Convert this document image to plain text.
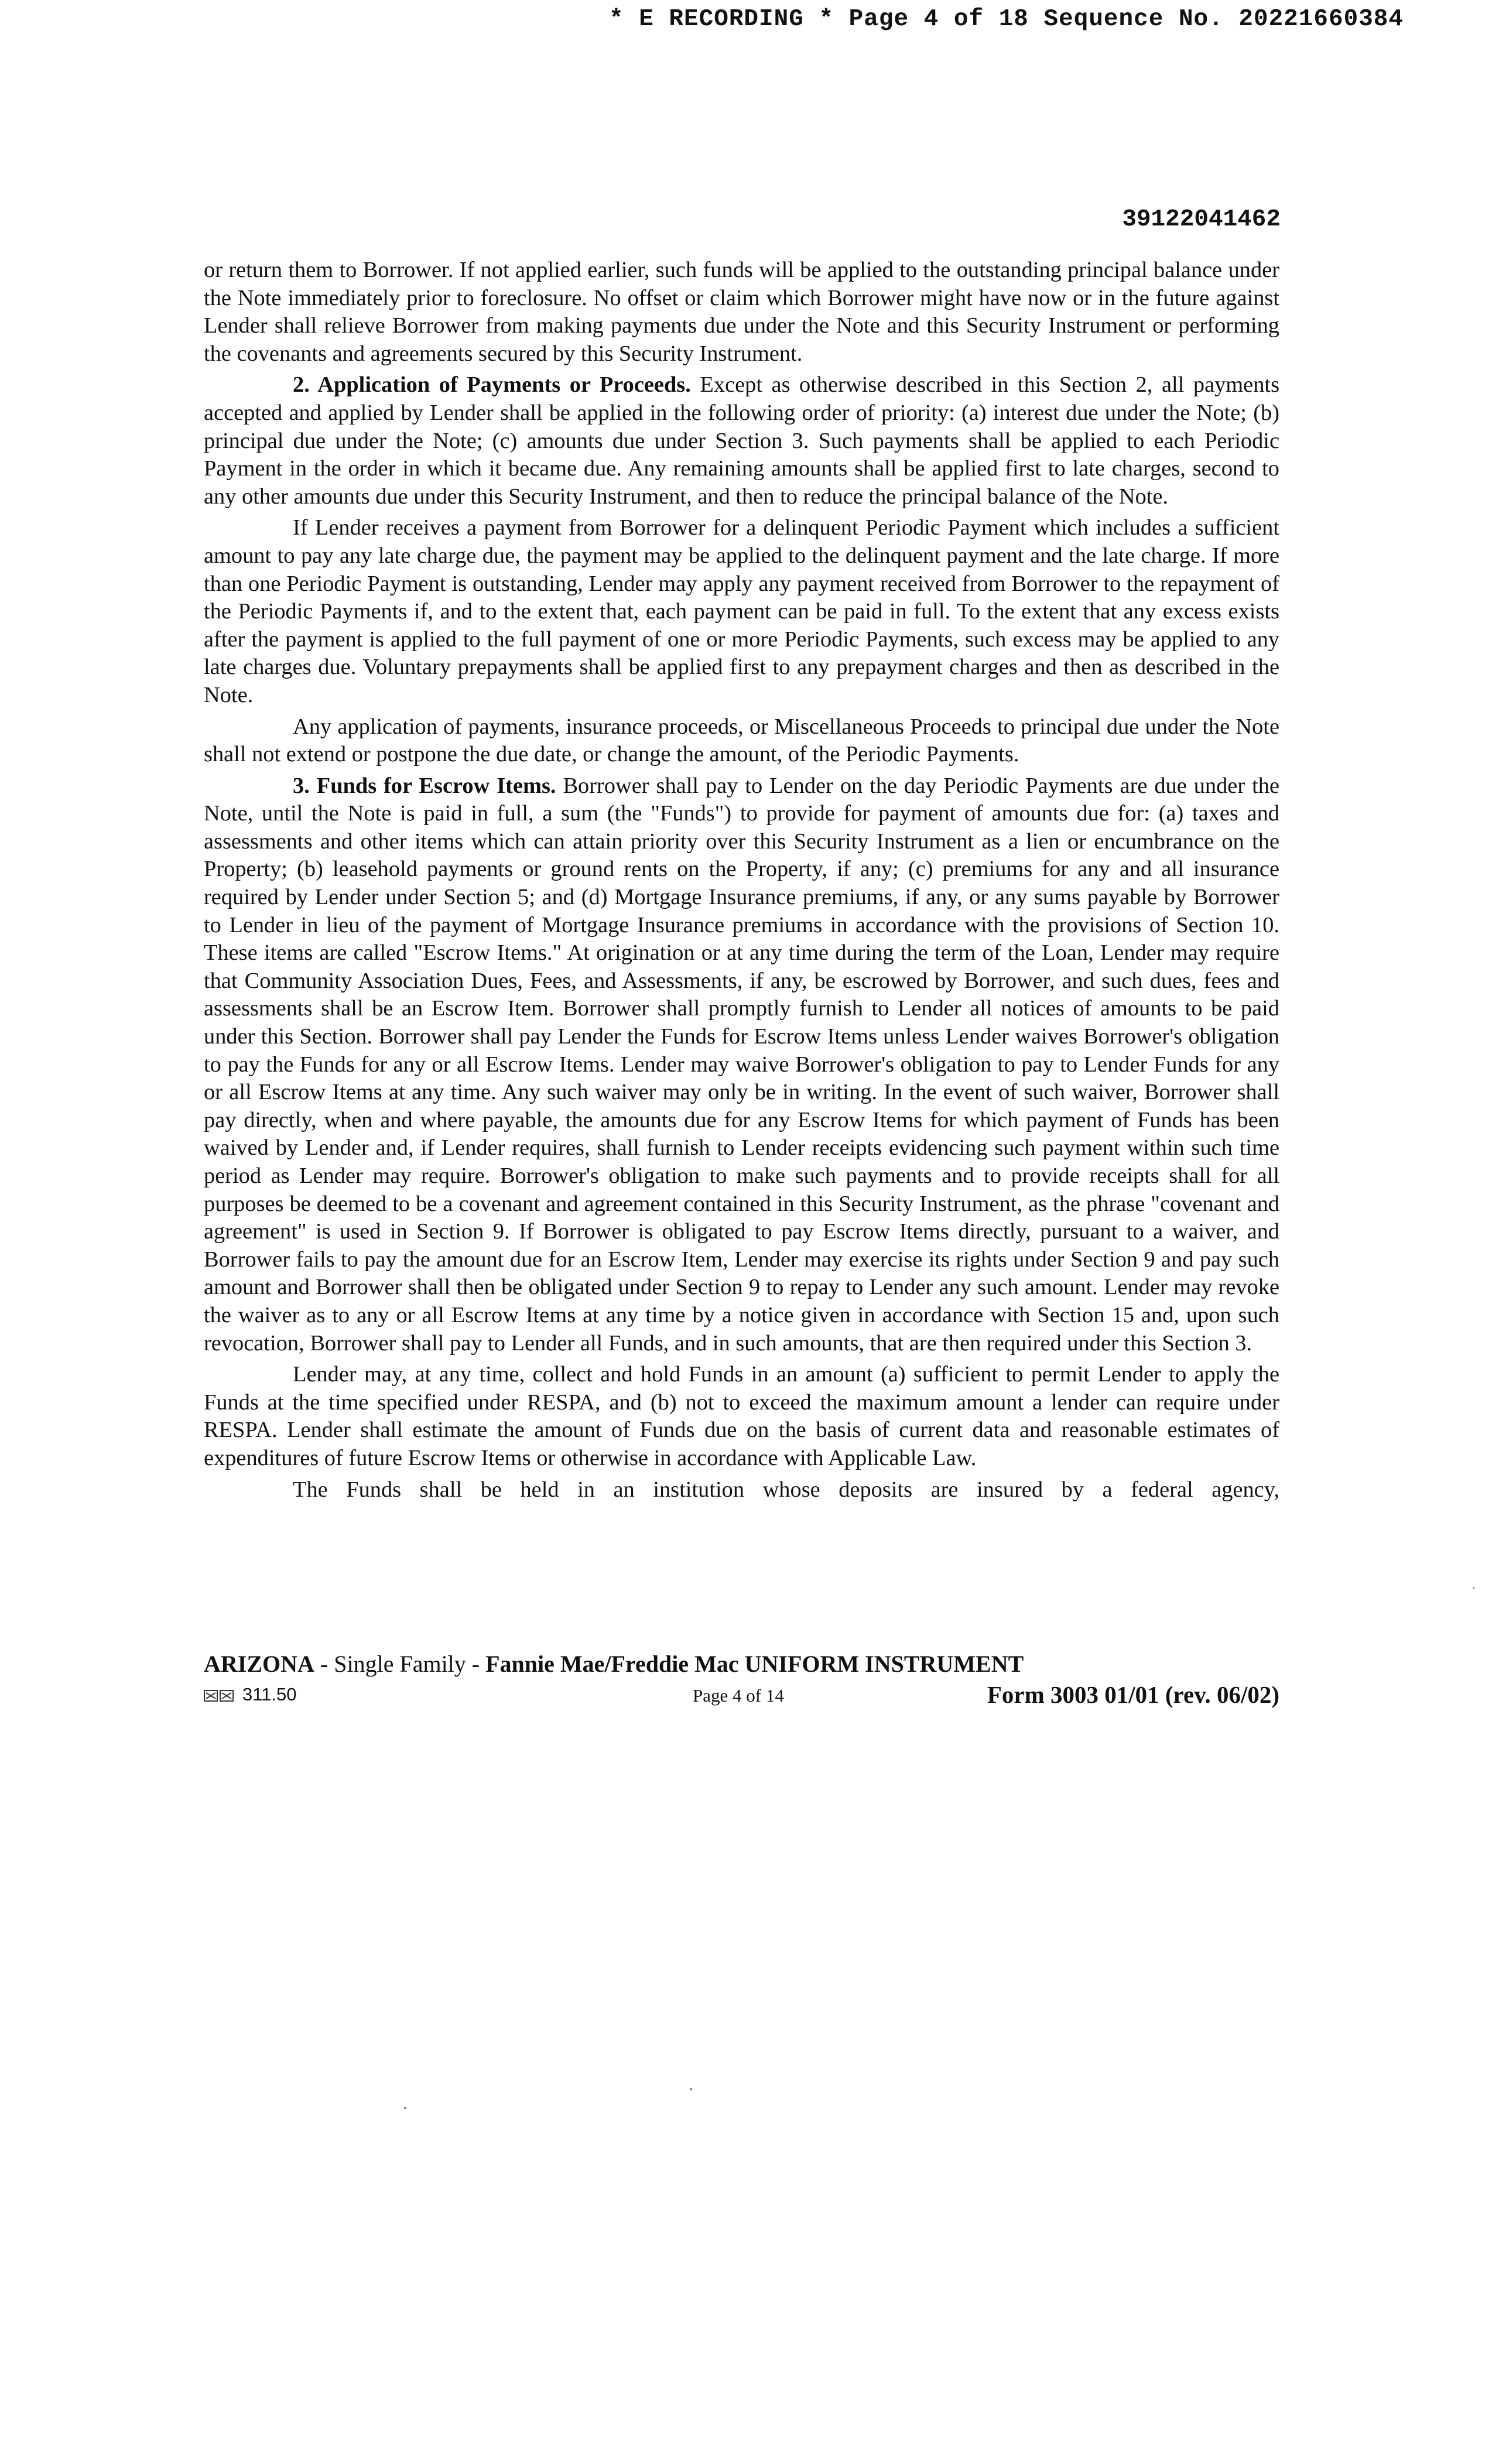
* E RECORDING * Page 4 of 18 Sequence No. 20221660384
39122041462

or return them to Borrower. If not applied earlier, such funds will be applied to the outstanding principal balance under the Note immediately prior to foreclosure. No offset or claim which Borrower might have now or in the future against Lender shall relieve Borrower from making payments due under the Note and this Security Instrument or performing the covenants and agreements secured by this Security Instrument.

2. Application of Payments or Proceeds. Except as otherwise described in this Section 2, all payments accepted and applied by Lender shall be applied in the following order of priority: (a) interest due under the Note; (b) principal due under the Note; (c) amounts due under Section 3. Such payments shall be applied to each Periodic Payment in the order in which it became due. Any remaining amounts shall be applied first to late charges, second to any other amounts due under this Security Instrument, and then to reduce the principal balance of the Note.

If Lender receives a payment from Borrower for a delinquent Periodic Payment which includes a sufficient amount to pay any late charge due, the payment may be applied to the delinquent payment and the late charge. If more than one Periodic Payment is outstanding, Lender may apply any payment received from Borrower to the repayment of the Periodic Payments if, and to the extent that, each payment can be paid in full. To the extent that any excess exists after the payment is applied to the full payment of one or more Periodic Payments, such excess may be applied to any late charges due. Voluntary prepayments shall be applied first to any prepayment charges and then as described in the Note.

Any application of payments, insurance proceeds, or Miscellaneous Proceeds to principal due under the Note shall not extend or postpone the due date, or change the amount, of the Periodic Payments.

3. Funds for Escrow Items. Borrower shall pay to Lender on the day Periodic Payments are due under the Note, until the Note is paid in full, a sum (the "Funds") to provide for payment of amounts due for: (a) taxes and assessments and other items which can attain priority over this Security Instrument as a lien or encumbrance on the Property; (b) leasehold payments or ground rents on the Property, if any; (c) premiums for any and all insurance required by Lender under Section 5; and (d) Mortgage Insurance premiums, if any, or any sums payable by Borrower to Lender in lieu of the payment of Mortgage Insurance premiums in accordance with the provisions of Section 10. These items are called "Escrow Items." At origination or at any time during the term of the Loan, Lender may require that Community Association Dues, Fees, and Assessments, if any, be escrowed by Borrower, and such dues, fees and assessments shall be an Escrow Item. Borrower shall promptly furnish to Lender all notices of amounts to be paid under this Section. Borrower shall pay Lender the Funds for Escrow Items unless Lender waives Borrower's obligation to pay the Funds for any or all Escrow Items. Lender may waive Borrower's obligation to pay to Lender Funds for any or all Escrow Items at any time. Any such waiver may only be in writing. In the event of such waiver, Borrower shall pay directly, when and where payable, the amounts due for any Escrow Items for which payment of Funds has been waived by Lender and, if Lender requires, shall furnish to Lender receipts evidencing such payment within such time period as Lender may require. Borrower's obligation to make such payments and to provide receipts shall for all purposes be deemed to be a covenant and agreement contained in this Security Instrument, as the phrase "covenant and agreement" is used in Section 9. If Borrower is obligated to pay Escrow Items directly, pursuant to a waiver, and Borrower fails to pay the amount due for an Escrow Item, Lender may exercise its rights under Section 9 and pay such amount and Borrower shall then be obligated under Section 9 to repay to Lender any such amount. Lender may revoke the waiver as to any or all Escrow Items at any time by a notice given in accordance with Section 15 and, upon such revocation, Borrower shall pay to Lender all Funds, and in such amounts, that are then required under this Section 3.

Lender may, at any time, collect and hold Funds in an amount (a) sufficient to permit Lender to apply the Funds at the time specified under RESPA, and (b) not to exceed the maximum amount a lender can require under RESPA. Lender shall estimate the amount of Funds due on the basis of current data and reasonable estimates of expenditures of future Escrow Items or otherwise in accordance with Applicable Law.

The Funds shall be held in an institution whose deposits are insured by a federal agency,

ARIZONA - Single Family - Fannie Mae/Freddie Mac UNIFORM INSTRUMENT
311.50	Page 4 of 14	Form 3003 01/01 (rev. 06/02)
